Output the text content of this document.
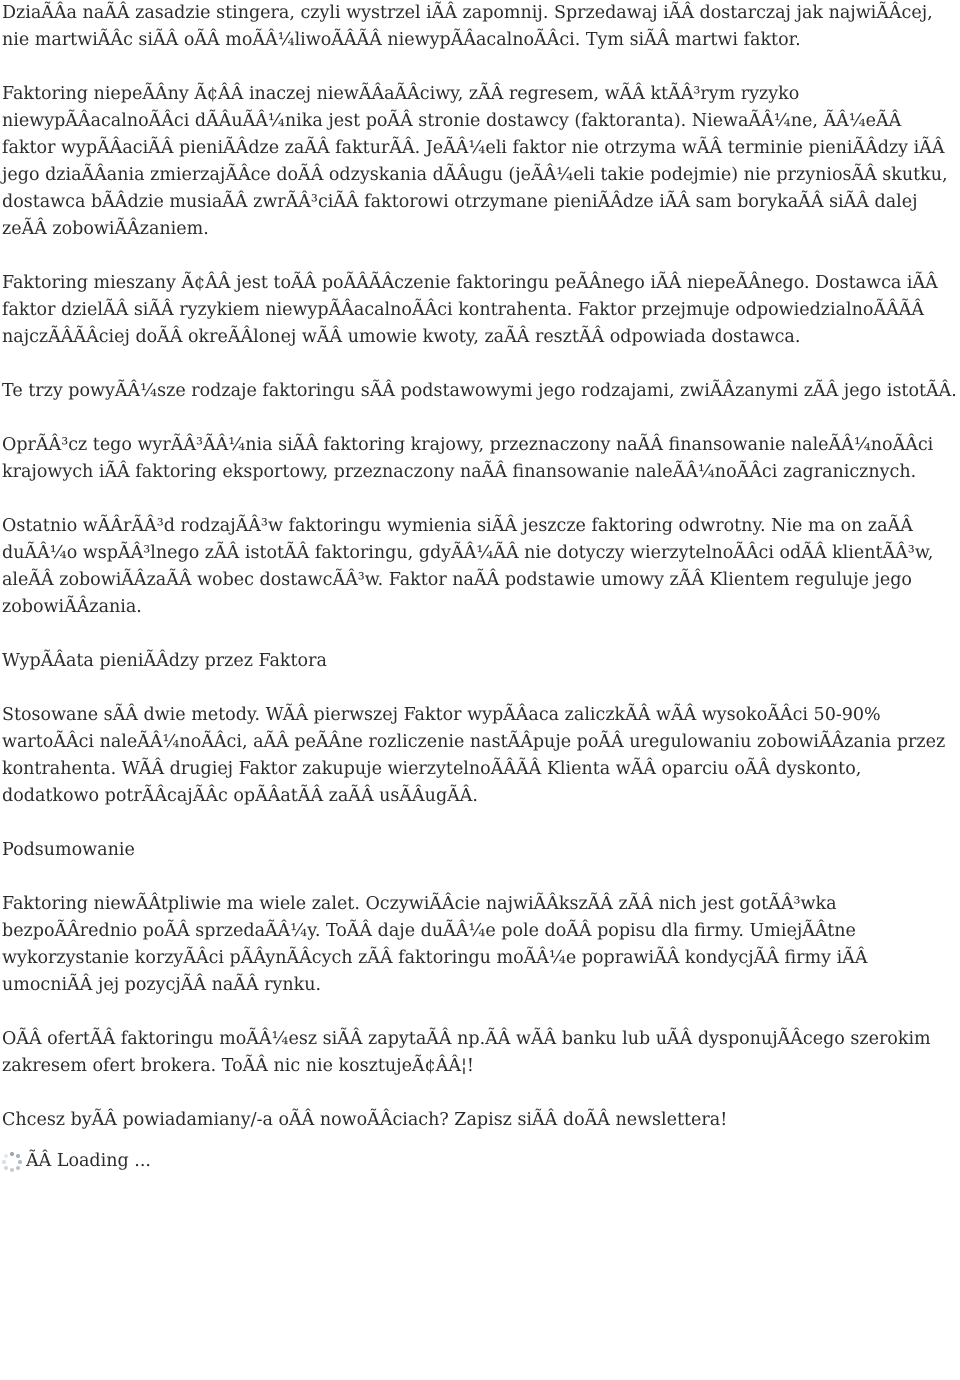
DziaÃÂa naÃÂ zasadzie stingera, czyli wystrzel iÃÂ zapomnij. Sprzedawaj iÃÂ dostarczaj jak najwiÃÂcej, nie martwiÃÂc siÃÂ oÃÂ moÃÂ¼liwoÃÂÃÂ niewypÃÂacalnoÃÂci. Tym siÃÂ martwi faktor.

Faktoring niepeÃÂny Ã¢ÂÂ inaczej niewÃÂaÃÂciwy, zÃÂ regresem, wÃÂ ktÃÂ³rym ryzyko niewypÃÂacalnoÃÂci dÃÂuÃÂ¼nika jest poÃÂ stronie dostawcy (faktoranta). NiewaÃÂ¼ne, ÃÂ¼eÃÂ faktor wypÃÂaciÃÂ pieniÃÂdze zaÃÂ fakturÃÂ. JeÃÂ¼eli faktor nie otrzyma wÃÂ terminie pieniÃÂdzy iÃÂ jego dziaÃÂania zmierzajÃÂce doÃÂ odzyskania dÃÂugu (jeÃÂ¼eli takie podejmie) nie przyniosÃÂ skutku, dostawca bÃÂdzie musiaÃÂ zwrÃÂ³ciÃÂ faktorowi otrzymane pieniÃÂdze iÃÂ sam borykaÃÂ siÃÂ dalej zeÃÂ zobowiÃÂzaniem.

Faktoring mieszany Ã¢ÂÂ jest toÃÂ poÃÂÃÂczenie faktoringu peÃÂnego iÃÂ niepeÃÂnego. Dostawca iÃÂ faktor dzielÃÂ siÃÂ ryzykiem niewypÃÂacalnoÃÂci kontrahenta. Faktor przejmuje odpowiedzialnoÃÂÃÂ najczÃÂÃÂciej doÃÂ okreÃÂlonej wÃÂ umowie kwoty, zaÃÂ resztÃÂ odpowiada dostawca.

Te trzy powyÃÂ¼sze rodzaje faktoringu sÃÂ podstawowymi jego rodzajami, zwiÃÂzanymi zÃÂ jego istotÃÂ.

OprÃÂ³cz tego wyrÃÂ³ÃÂ¼nia siÃÂ faktoring krajowy, przeznaczony naÃÂ finansowanie naleÃÂ¼noÃÂci krajowych iÃÂ faktoring eksportowy, przeznaczony naÃÂ finansowanie naleÃÂ¼noÃÂci zagranicznych.

Ostatnio wÃÂrÃÂ³d rodzajÃÂ³w faktoringu wymienia siÃÂ jeszcze faktoring odwrotny. Nie ma on zaÃÂ duÃÂ¼o wspÃÂ³lnego zÃÂ istotÃÂ faktoringu, gdyÃÂ¼ÃÂ nie dotyczy wierzytelnoÃÂci odÃÂ klientÃÂ³w, aleÃÂ zobowiÃÂzaÃÂ wobec dostawcÃÂ³w. Faktor naÃÂ podstawie umowy zÃÂ Klientem reguluje jego zobowiÃÂzania.

WypÃÂata pieniÃÂdzy przez Faktora

Stosowane sÃÂ dwie metody. WÃÂ pierwszej Faktor wypÃÂaca zaliczkÃÂ wÃÂ wysokoÃÂci 50-90% wartoÃÂci naleÃÂ¼noÃÂci, aÃÂ peÃÂne rozliczenie nastÃÂpuje poÃÂ uregulowaniu zobowiÃÂzania przez kontrahenta. WÃÂ drugiej Faktor zakupuje wierzytelnoÃÂÃÂ Klienta wÃÂ oparciu oÃÂ dyskonto, dodatkowo potrÃÂcajÃÂc opÃÂatÃÂ zaÃÂ usÃÂugÃÂ.

Podsumowanie

Faktoring niewÃÂtpliwie ma wiele zalet. OczywiÃÂcie najwiÃÂkszÃÂ zÃÂ nich jest gotÃÂ³wka bezpoÃÂrednio poÃÂ sprzedaÃÂ¼y. ToÃÂ daje duÃÂ¼e pole doÃÂ popisu dla firmy. UmiejÃÂtne wykorzystanie korzyÃÂci pÃÂynÃÂcych zÃÂ faktoringu moÃÂ¼e poprawiÃÂ kondycjÃÂ firmy iÃÂ umocniÃÂ jej pozycjÃÂ naÃÂ rynku.

OÃÂ ofertÃÂ faktoringu moÃÂ¼esz siÃÂ zapytaÃÂ np.ÃÂ wÃÂ banku lub uÃÂ dysponujÃÂcego szerokim zakresem ofert brokera. ToÃÂ nic nie kosztujeÃ¢ÂÂ¦!

Chcesz byÃÂ powiadamiany/-a oÃÂ nowoÃÂciach? Zapisz siÃÂ doÃÂ newslettera!

ÃÂ Loading ...
